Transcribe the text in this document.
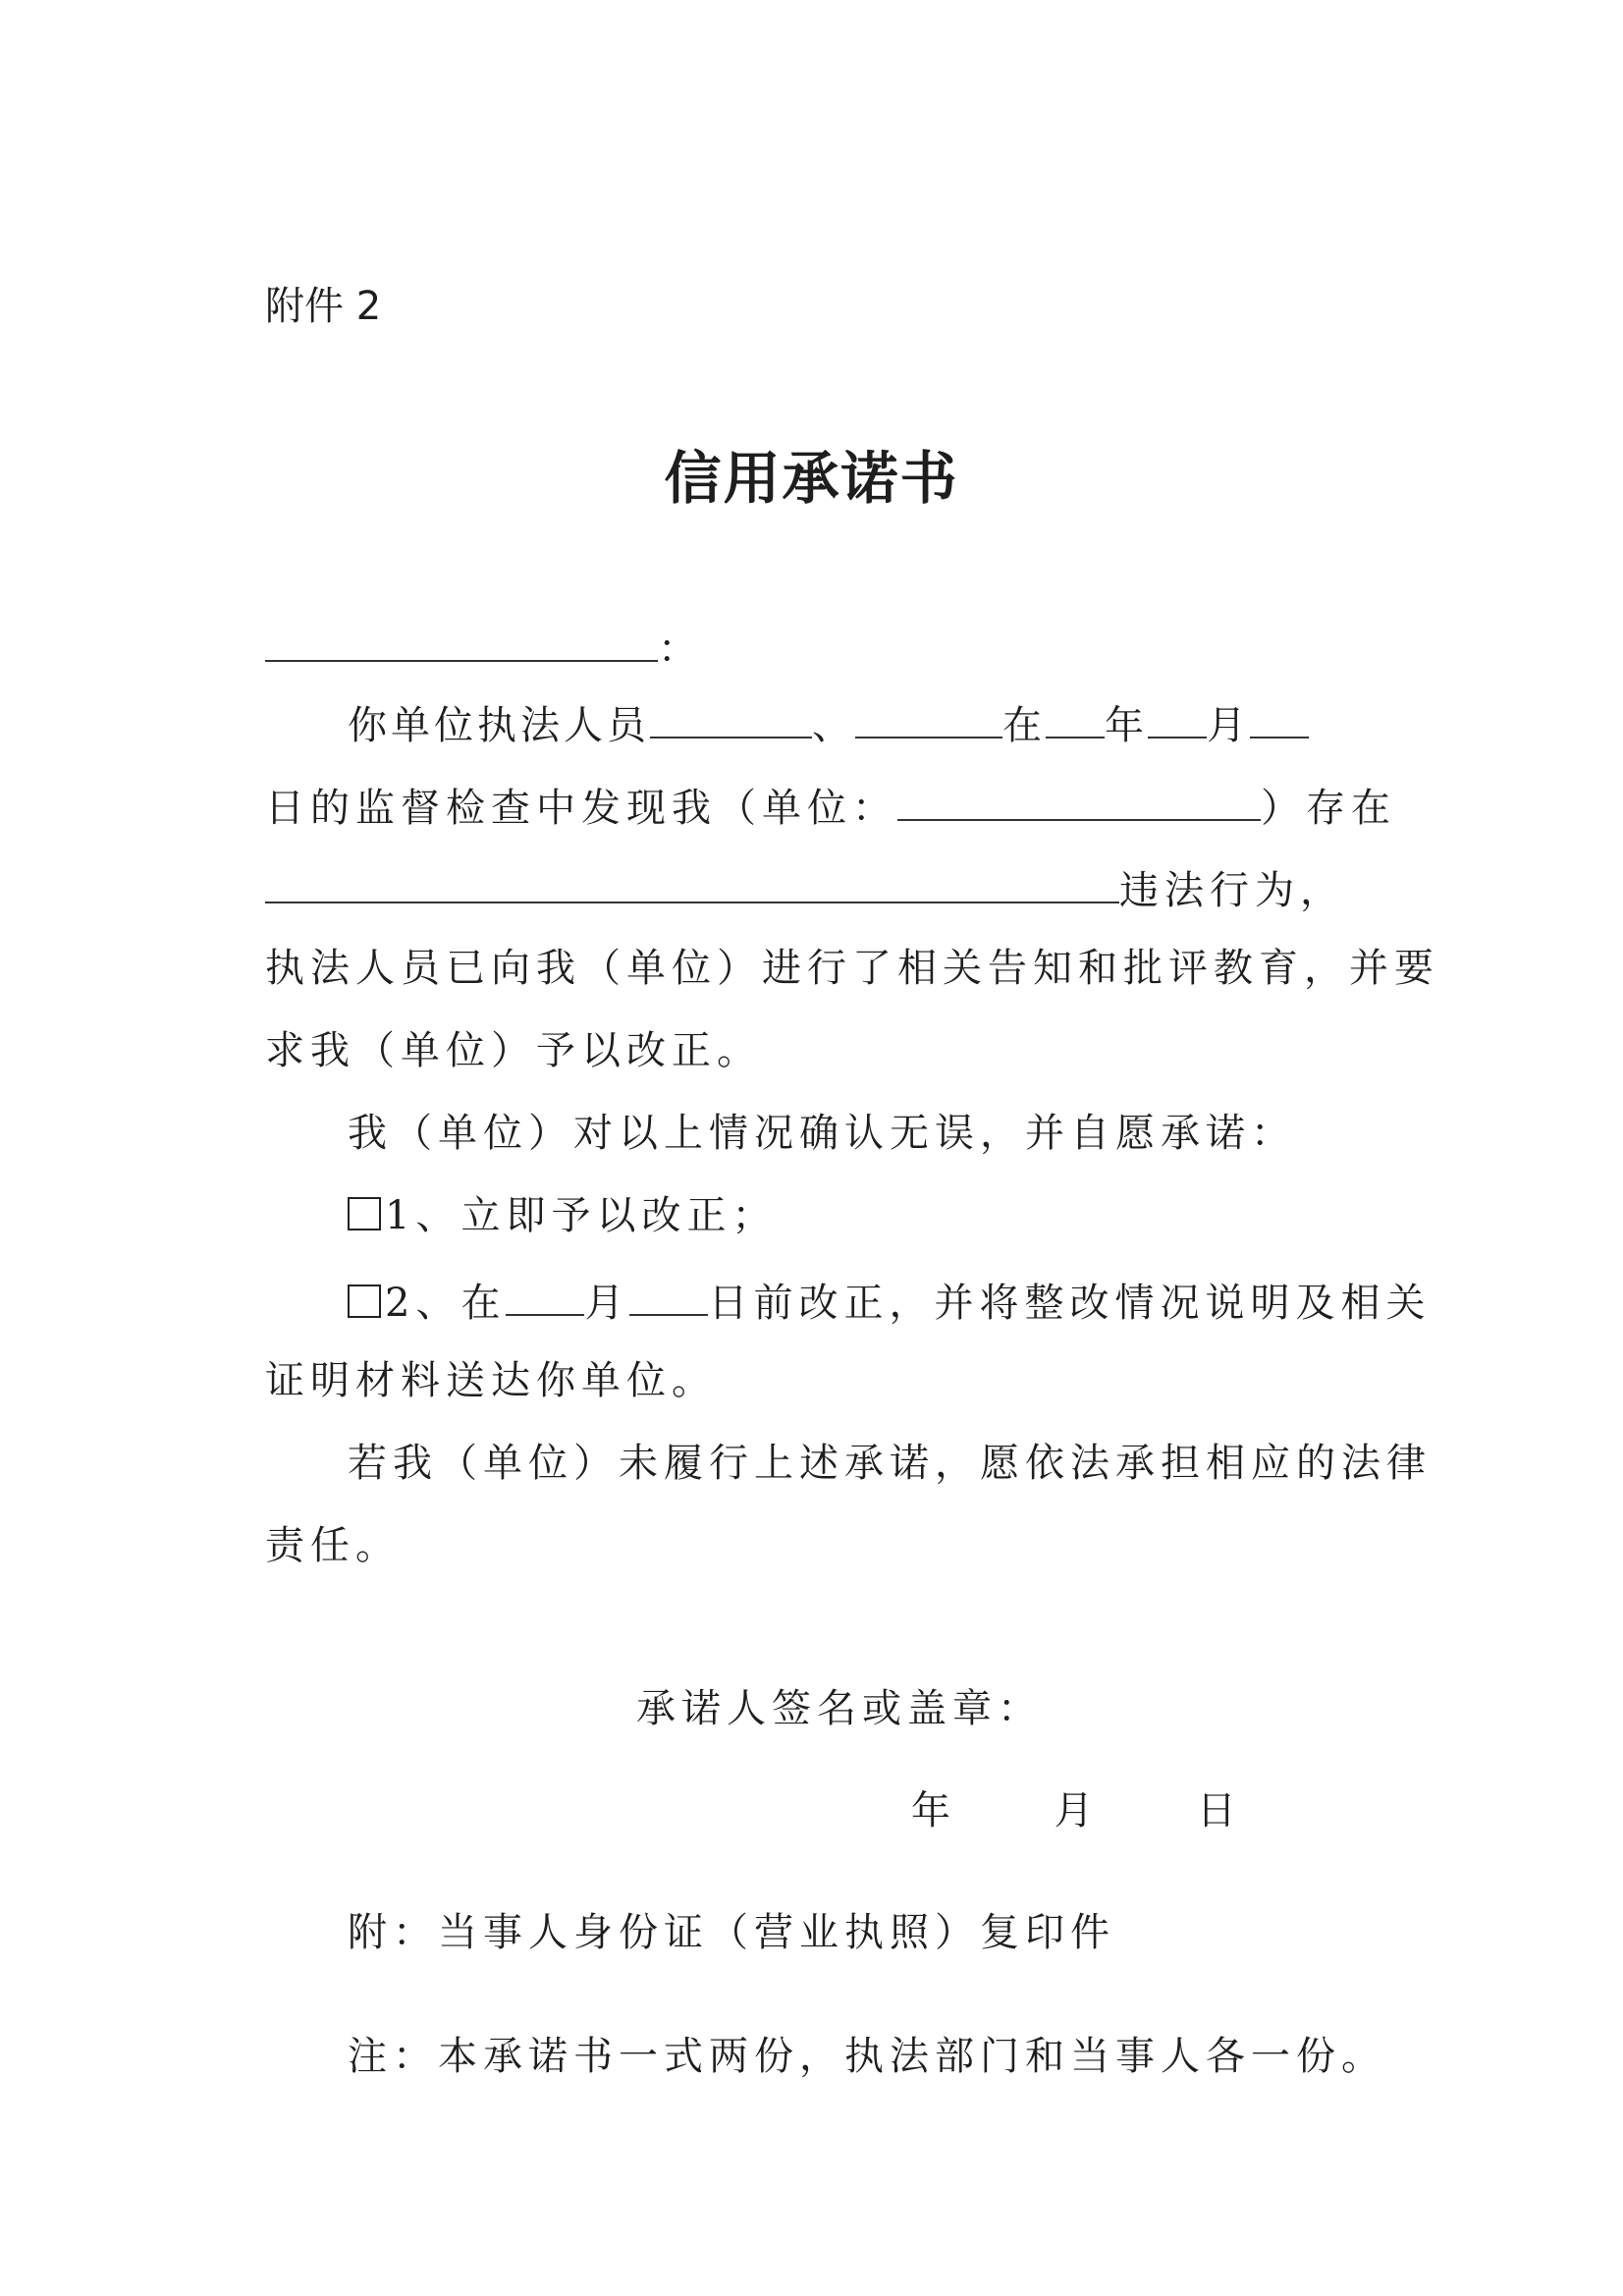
附件 2
信用承诺书
：
你单位执法人员	、	在 年 月
日的监督检查中发现我（单位：	）存在
违法行为，
执法人员已向我（单位）进行了相关告知和批评教育，并要
求我（单位）予以改正。
我（单位）对以上情况确认无误，并自愿承诺：
1、立即予以改正；
2、在 月 日前改正，并将整改情况说明及相关
证明材料送达你单位。
若我（单位）未履行上述承诺，愿依法承担相应的法律
责任。
承诺人签名或盖章：
年	月	日
附：当事人身份证（营业执照）复印件
注：本承诺书一式两份，执法部门和当事人各一份。
